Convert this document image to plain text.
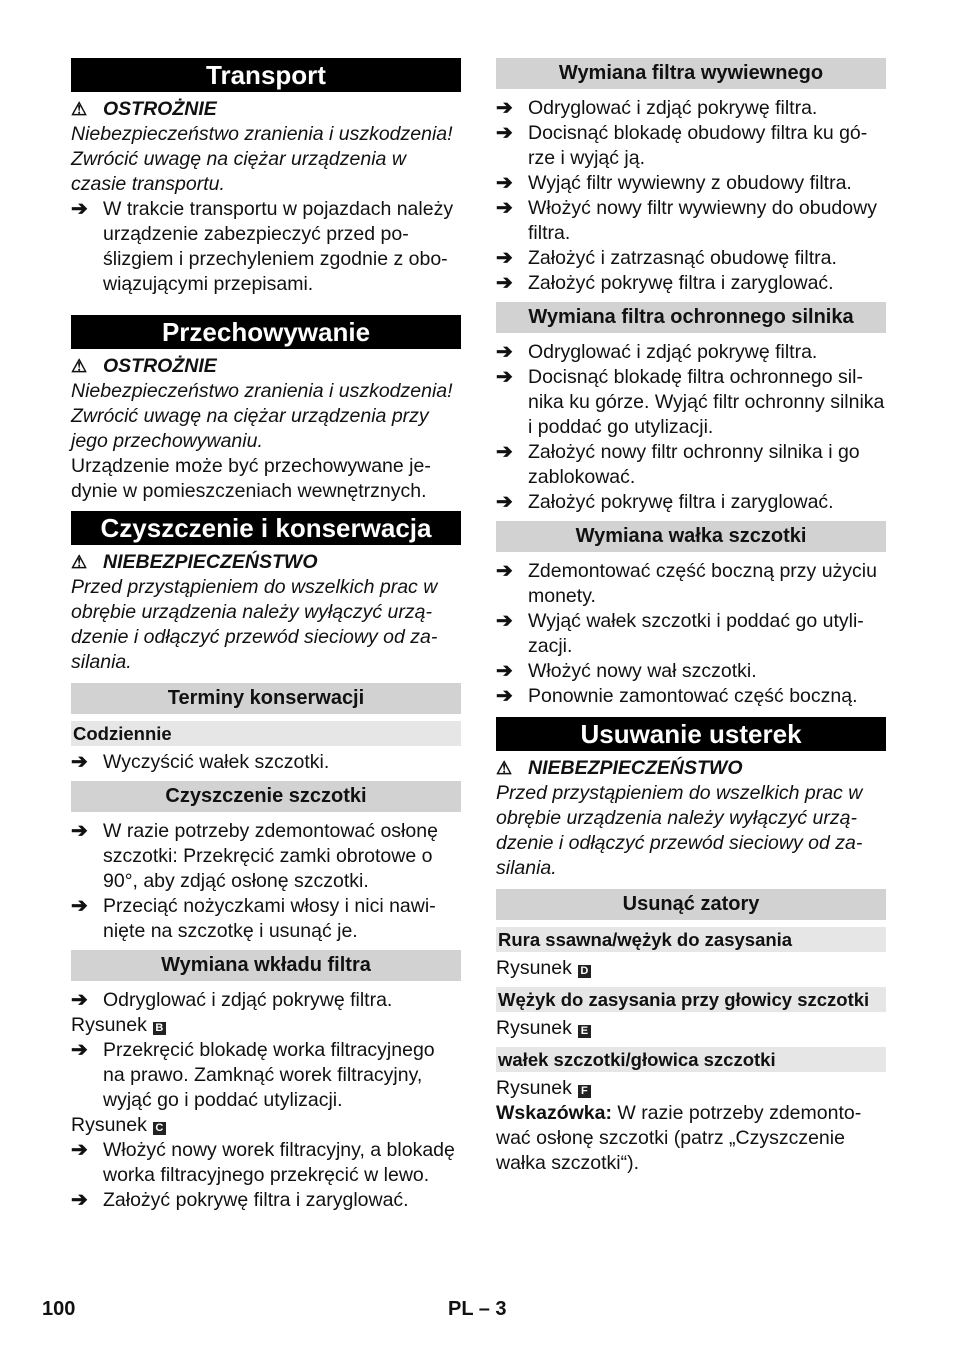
Transport
⚠ OSTROŻNIE

Niebezpieczeństwo zranienia i uszkodzenia! Zwrócić uwagę na ciężar urządzenia w czasie transportu.

➔ W trakcie transportu w pojazdach należy urządzenie zabezpieczyć przed poślizgiem i przechyleniem zgodnie z obowiązującymi przepisami.
Przechowywanie
⚠ OSTROŻNIE

Niebezpieczeństwo zranienia i uszkodzenia! Zwrócić uwagę na ciężar urządzenia przy jego przechowywaniu.

Urządzenie może być przechowywane jedynie w pomieszczeniach wewnętrznych.

Czyszczenie i konserwacja
⚠ NIEBEZPIECZEŃSTWO

Przed przystąpieniem do wszelkich prac w obrębie urządzenia należy wyłączyć urządzenie i odłączyć przewód sieciowy od zasilania.

Terminy konserwacji
Codziennie
➔ Wyczyścić wałek szczotki.
Czyszczenie szczotki
➔ W razie potrzeby zdemontować osłonę szczotki: Przekręcić zamki obrotowe o 90°, aby zdjąć osłonę szczotki.
➔ Przeciąć nożyczkami włosy i nici nawinięte na szczotkę i usunąć je.
Wymiana wkładu filtra
➔ Odryglować i zdjąć pokrywę filtra.

Rysunek B

➔ Przekręcić blokadę worka filtracyjnego na prawo. Zamknąć worek filtracyjny, wyjąć go i poddać utylizacji.

Rysunek C

➔ Włożyć nowy worek filtracyjny, a blokadę worka filtracyjnego przekręcić w lewo.
➔ Założyć pokrywę filtra i zaryglować.
Wymiana filtra wywiewnego
➔ Odryglować i zdjąć pokrywę filtra.
➔ Docisnąć blokadę obudowy filtra ku górze i wyjąć ją.
➔ Wyjąć filtr wywiewny z obudowy filtra.
➔ Włożyć nowy filtr wywiewny do obudowy filtra.
➔ Założyć i zatrzasnąć obudowę filtra.
➔ Założyć pokrywę filtra i zaryglować.
Wymiana filtra ochronnego silnika
➔ Odryglować i zdjąć pokrywę filtra.
➔ Docisnąć blokadę filtra ochronnego silnika ku górze. Wyjąć filtr ochronny silnika i poddać go utylizacji.
➔ Założyć nowy filtr ochronny silnika i go zablokować.
➔ Założyć pokrywę filtra i zaryglować.
Wymiana wałka szczotki
➔ Zdemontować część boczną przy użyciu monety.
➔ Wyjąć wałek szczotki i poddać go utylizacji.
➔ Włożyć nowy wał szczotki.
➔ Ponownie zamontować część boczną.
Usuwanie usterek
⚠ NIEBEZPIECZEŃSTWO

Przed przystąpieniem do wszelkich prac w obrębie urządzenia należy wyłączyć urządzenie i odłączyć przewód sieciowy od zasilania.

Usunąć zatory
Rura ssawna/wężyk do zasysania

Rysunek D

Wężyk do zasysania przy głowicy szczotki

Rysunek E

wałek szczotki/głowica szczotki

Rysunek F

Wskazówka: W razie potrzeby zdemontować osłonę szczotki (patrz „Czyszczenie wałka szczotki“).

100	PL – 3
